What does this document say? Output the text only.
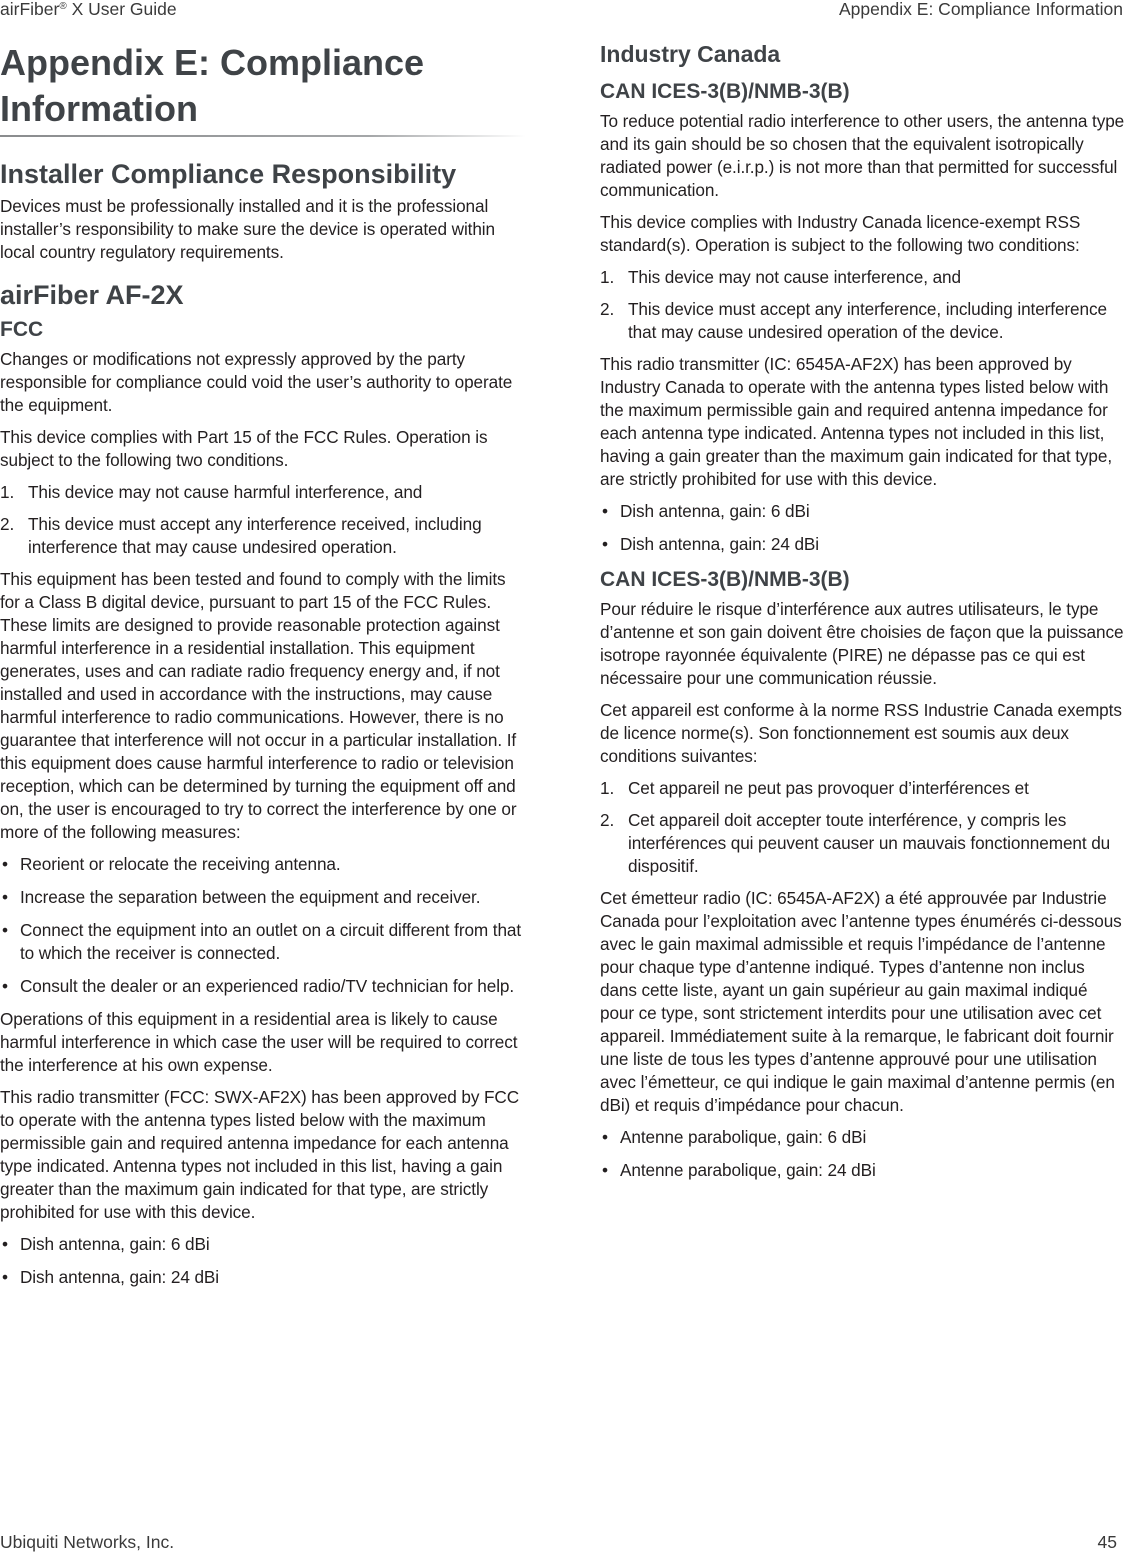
airFiber® X User Guide	Appendix E: Compliance Information
Appendix E: Compliance Information
Installer Compliance Responsibility

Devices must be professionally installed and it is the professional installer’s responsibility to make sure the device is operated within local country regulatory requirements.

airFiber AF-2X
FCC

Changes or modifications not expressly approved by the party responsible for compliance could void the user’s authority to operate the equipment.

This device complies with Part 15 of the FCC Rules. Operation is subject to the following two conditions.

1. This device may not cause harmful interference, and
2. This device must accept any interference received, including interference that may cause undesired operation.

This equipment has been tested and found to comply with the limits for a Class B digital device, pursuant to part 15 of the FCC Rules. These limits are designed to provide reasonable protection against harmful interference in a residential installation. This equipment generates, uses and can radiate radio frequency energy and, if not installed and used in accordance with the instructions, may cause harmful interference to radio communications. However, there is no guarantee that interference will not occur in a particular installation. If this equipment does cause harmful interference to radio or television reception, which can be determined by turning the equipment off and on, the user is encouraged to try to correct the interference by one or more of the following measures:

• Reorient or relocate the receiving antenna.
• Increase the separation between the equipment and receiver.
• Connect the equipment into an outlet on a circuit different from that to which the receiver is connected.
• Consult the dealer or an experienced radio/TV technician for help.

Operations of this equipment in a residential area is likely to cause harmful interference in which case the user will be required to correct the interference at his own expense.

This radio transmitter (FCC: SWX-AF2X) has been approved by FCC to operate with the antenna types listed below with the maximum permissible gain and required antenna impedance for each antenna type indicated. Antenna types not included in this list, having a gain greater than the maximum gain indicated for that type, are strictly prohibited for use with this device.

• Dish antenna, gain: 6 dBi
• Dish antenna, gain: 24 dBi
Industry Canada
CAN ICES-3(B)/NMB-3(B)

To reduce potential radio interference to other users, the antenna type and its gain should be so chosen that the equivalent isotropically radiated power (e.i.r.p.) is not more than that permitted for successful communication.

This device complies with Industry Canada licence-exempt RSS standard(s). Operation is subject to the following two conditions:

1. This device may not cause interference, and
2. This device must accept any interference, including interference that may cause undesired operation of the device.

This radio transmitter (IC: 6545A-AF2X) has been approved by Industry Canada to operate with the antenna types listed below with the maximum permissible gain and required antenna impedance for each antenna type indicated. Antenna types not included in this list, having a gain greater than the maximum gain indicated for that type, are strictly prohibited for use with this device.

• Dish antenna, gain: 6 dBi
• Dish antenna, gain: 24 dBi
CAN ICES-3(B)/NMB-3(B)

Pour réduire le risque d’interférence aux autres utilisateurs, le type d’antenne et son gain doivent être choisies de façon que la puissance isotrope rayonnée équivalente (PIRE) ne dépasse pas ce qui est nécessaire pour une communication réussie.

Cet appareil est conforme à la norme RSS Industrie Canada exempts de licence norme(s). Son fonctionnement est soumis aux deux conditions suivantes:

1. Cet appareil ne peut pas provoquer d’interférences et
2. Cet appareil doit accepter toute interférence, y compris les interférences qui peuvent causer un mauvais fonctionnement du dispositif.

Cet émetteur radio (IC: 6545A-AF2X) a été approuvée par Industrie Canada pour l’exploitation avec l’antenne types énumérés ci-dessous avec le gain maximal admissible et requis l’impédance de l’antenne pour chaque type d’antenne indiqué. Types d’antenne non inclus dans cette liste, ayant un gain supérieur au gain maximal indiqué pour ce type, sont strictement interdits pour une utilisation avec cet appareil. Immédiatement suite à la remarque, le fabricant doit fournir une liste de tous les types d’antenne approuvé pour une utilisation avec l’émetteur, ce qui indique le gain maximal d’antenne permis (en dBi) et requis d’impédance pour chacun.

• Antenne parabolique, gain: 6 dBi
• Antenne parabolique, gain: 24 dBi
Ubiquiti Networks, Inc.	45
